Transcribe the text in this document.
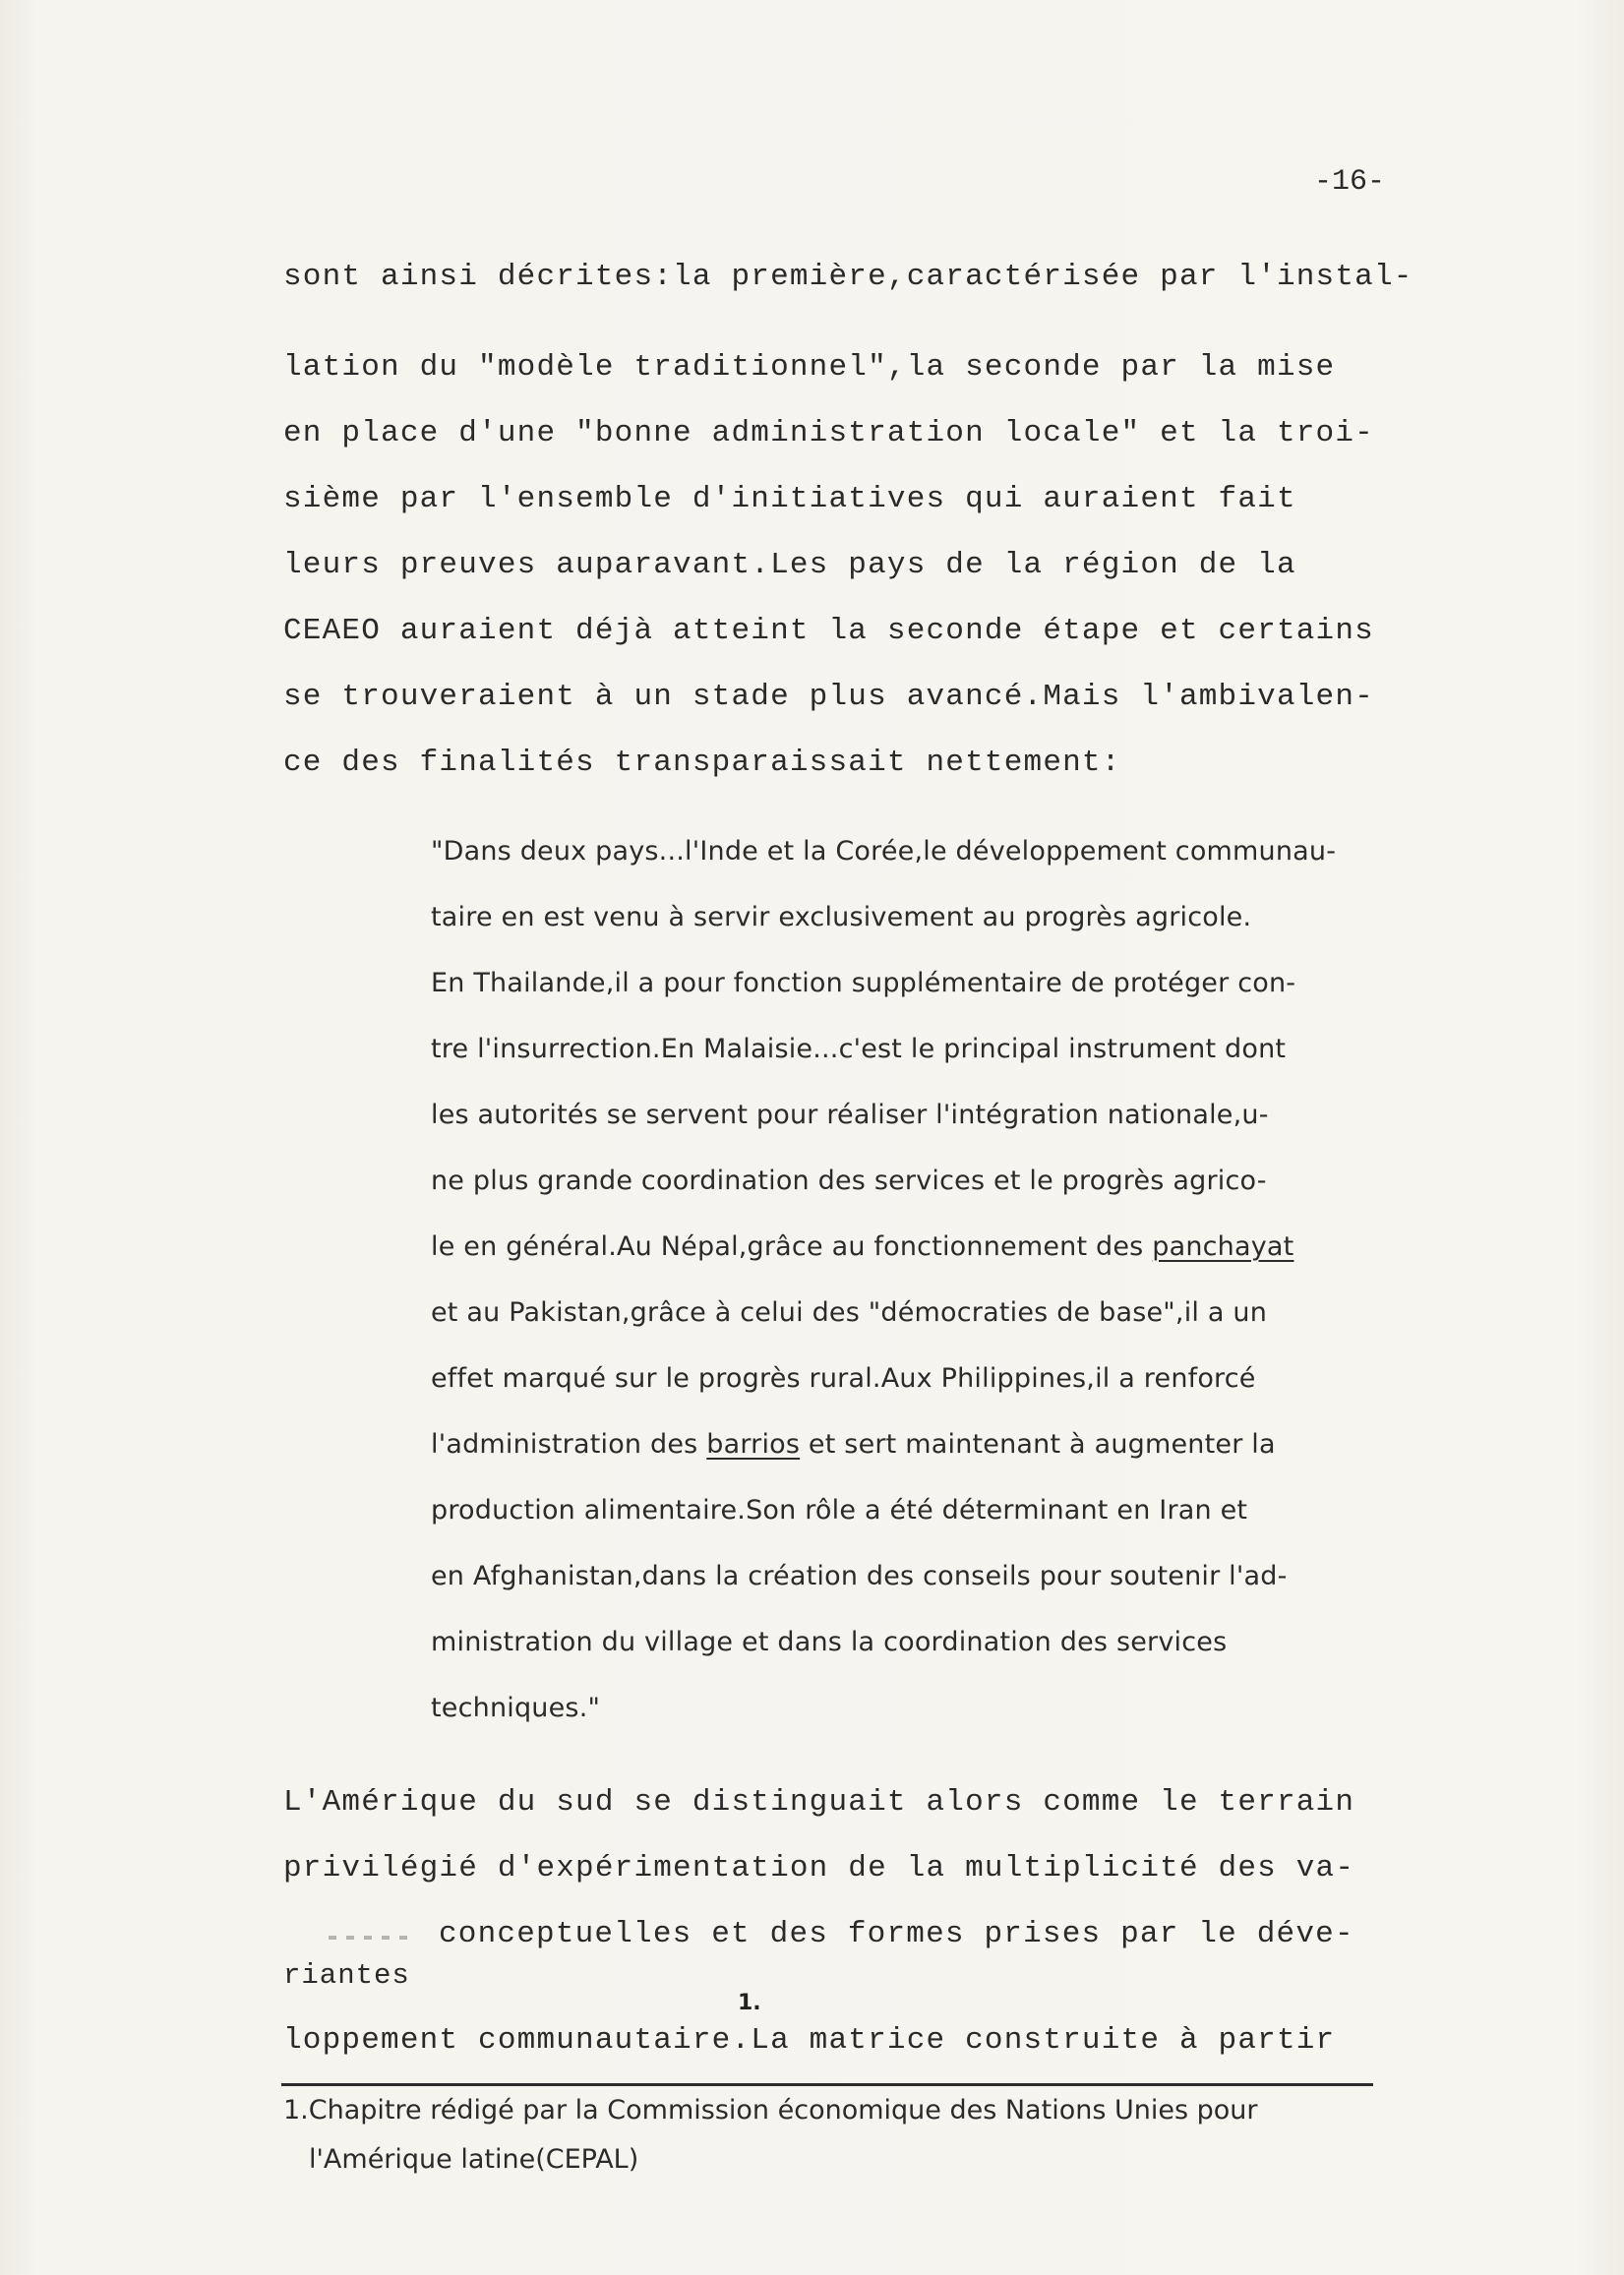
-16-

sont ainsi décrites:la première,caractérisée par l'instal-

lation du "modèle traditionnel",la seconde par la mise

en place d'une "bonne administration locale" et la troi-

sième par l'ensemble d'initiatives qui auraient fait

leurs preuves auparavant.Les pays de la région de la

CEAEO auraient déjà atteint la seconde étape et certains

se trouveraient à un stade plus avancé.Mais l'ambivalen-

ce des finalités transparaissait nettement:

"Dans deux pays...l'Inde et la Corée,le développement communau-

taire en est venu à servir exclusivement au progrès agricole.

En Thailande,il a pour fonction supplémentaire de protéger con-

tre l'insurrection.En Malaisie...c'est le principal instrument dont

les autorités se servent pour réaliser l'intégration nationale,u-

ne plus grande coordination des services et le progrès agrico-

le en général.Au Népal,grâce au fonctionnement des panchayat

et au Pakistan,grâce à celui des "démocraties de base",il a un

effet marqué sur le progrès rural.Aux Philippines,il a renforcé

l'administration des barrios et sert maintenant à augmenter la

production alimentaire.Son rôle a été déterminant en Iran et

en Afghanistan,dans la création des conseils pour soutenir l'ad-

ministration du village et dans la coordination des services

techniques."

L'Amérique du sud se distinguait alors comme le terrain

privilégié d'expérimentation de la multiplicité des va-

conceptuelles et des formes prises par le déve-

riantes

1.

loppement communautaire.La matrice construite à partir

1.Chapitre rédigé par la Commission économique des Nations Unies pour

l'Amérique latine(CEPAL)
